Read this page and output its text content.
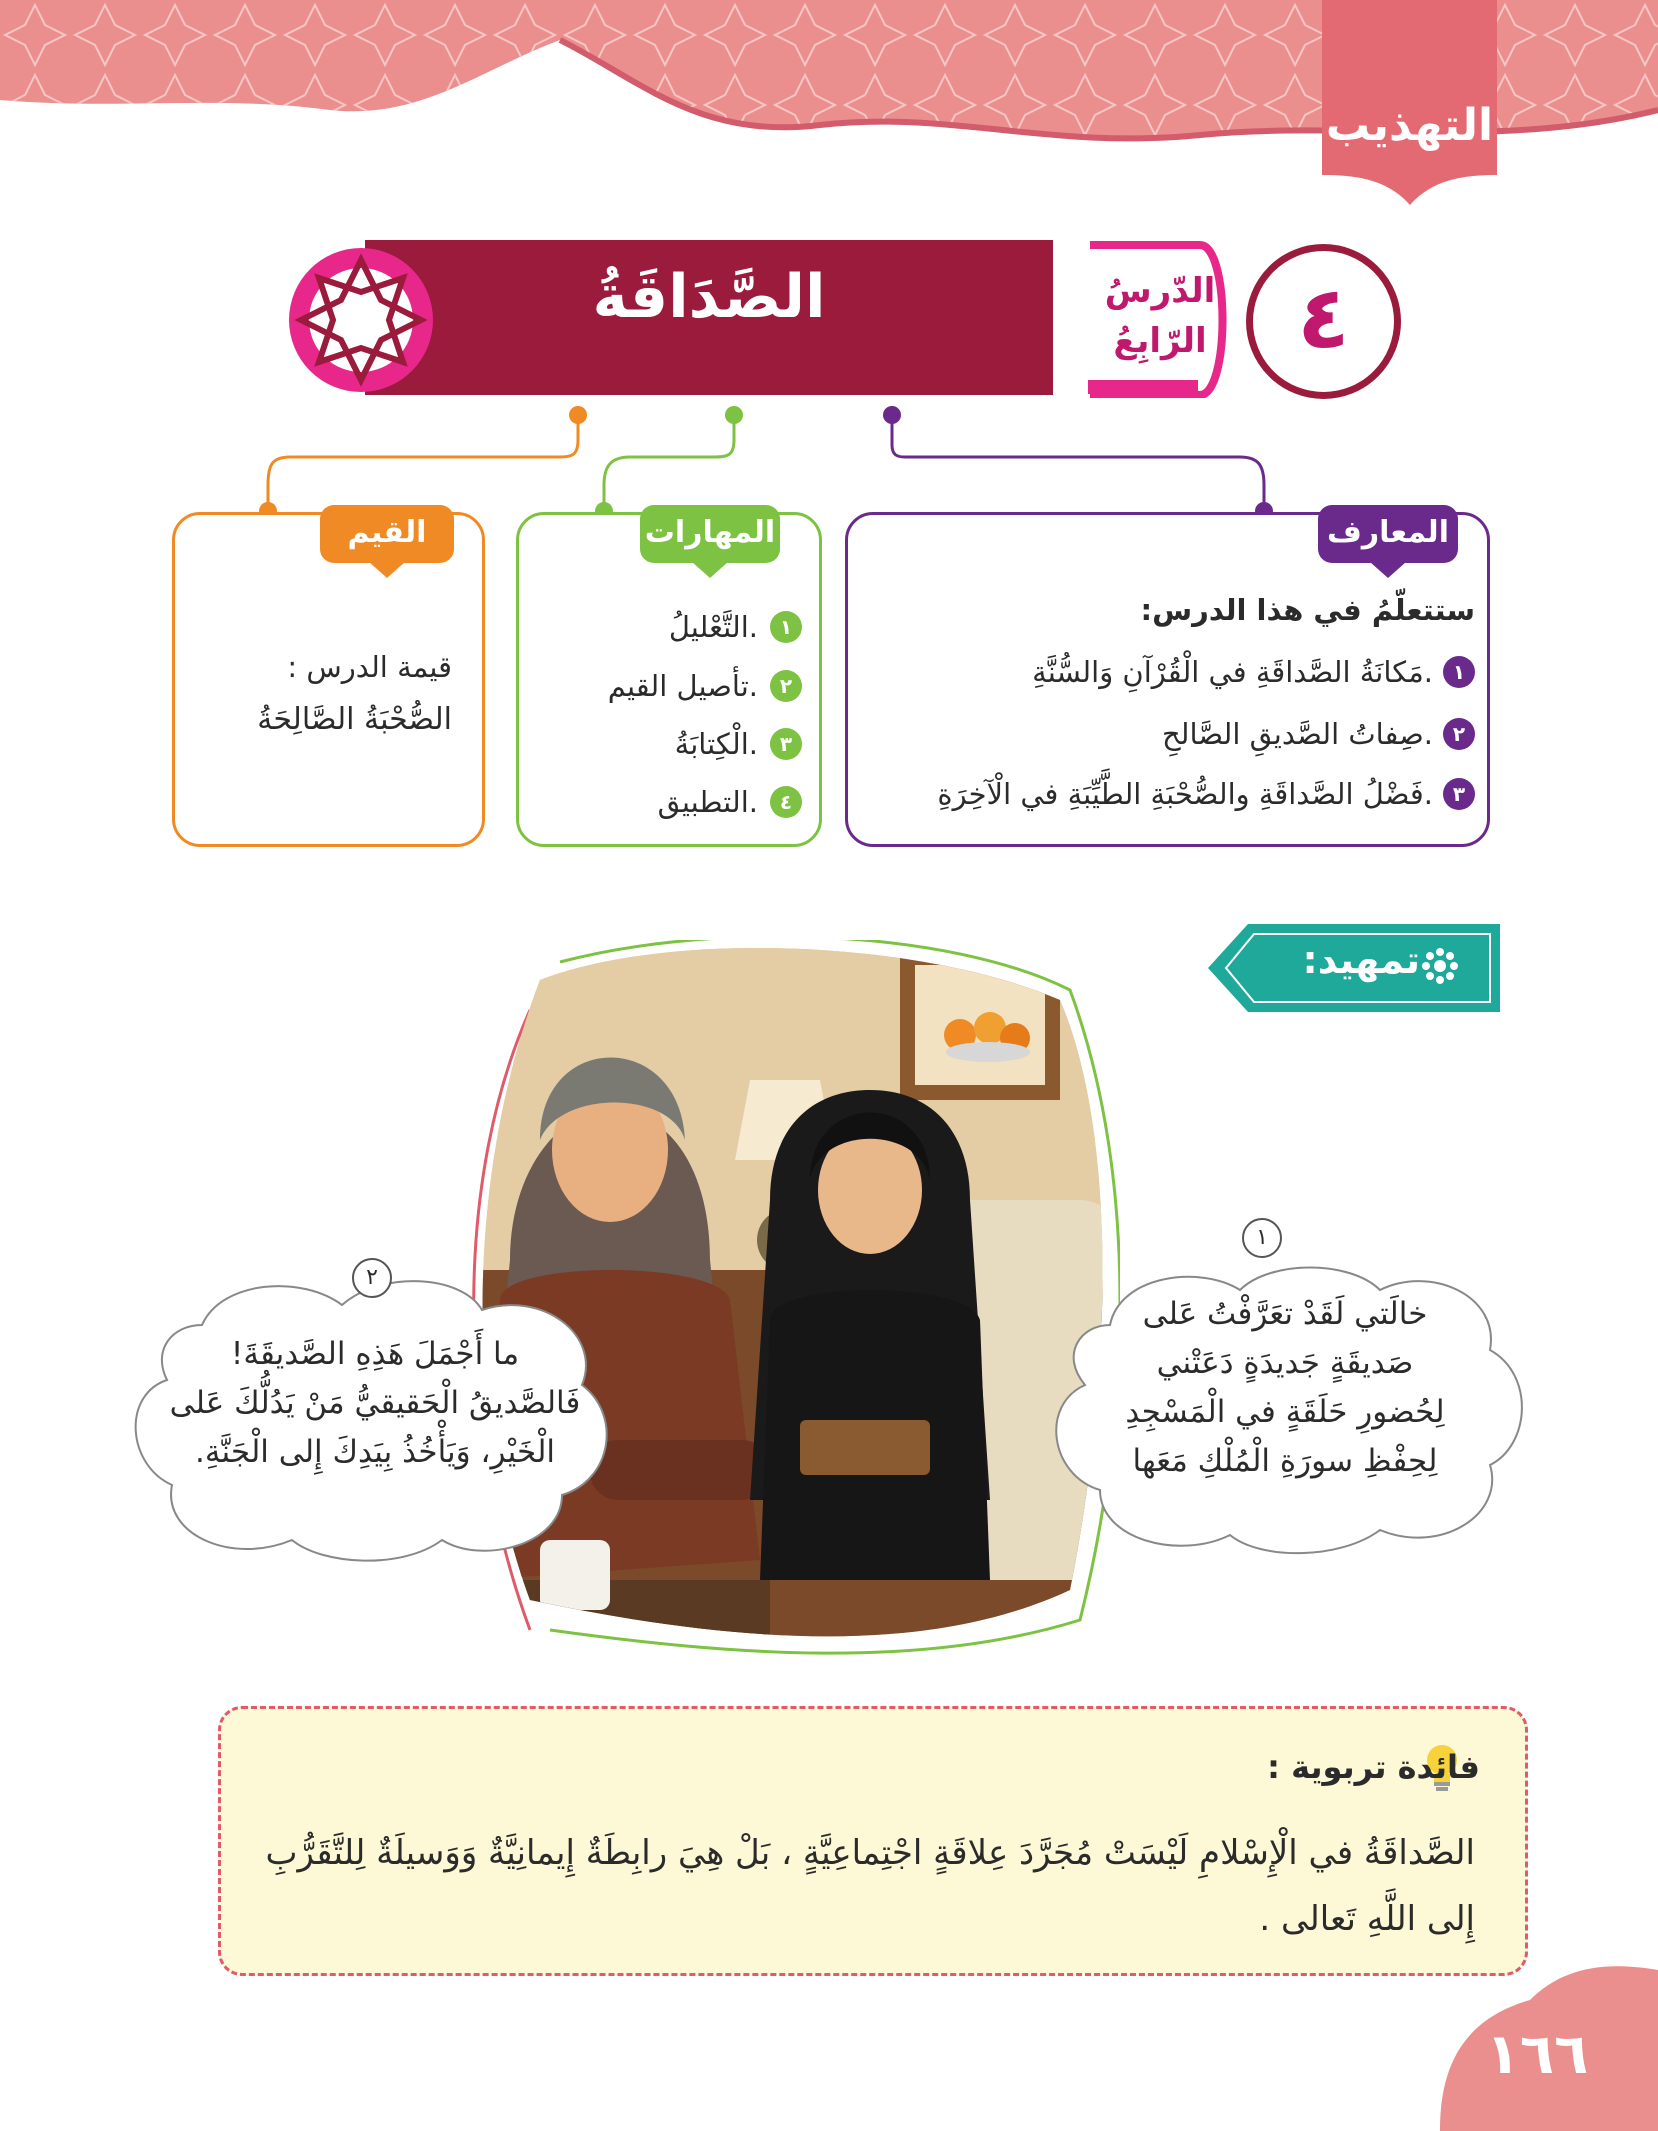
التهذيب
الصَّدَاقَةُ	الدّرسُ
الرّابِعُ	٤
المعارف
ستتعلّمُ في هذا الدرس:
١
مَكانَةُ الصَّداقَةِ في الْقُرْآنِ وَالسُّنَّةِ.
٢
صِفاتُ الصَّديقِ الصَّالحِ.
٣
فَضْلُ الصَّداقَةِ والصُّحْبَةِ الطَّيِّبَةِ في الْآخِرَةِ.
المهارات
١
التَّعْليلُ.
٢
تأصيل القيم.
٣
الْكِتابَةُ.
٤
التطبيق.
القيم
قيمة الدرس :
الصُّحْبَةُ الصَّالِحَةُ
تمهيد:
١
خالَتي لَقَدْ تعَرَّفْتُ عَلى
صَديقَةٍ جَديدَةٍ دَعَتْني
لِحُضورِ حَلَقَةٍ في الْمَسْجِدِ
لِحِفْظِ سورَةِ الْمُلْكِ مَعَها
٢
ما أَجْمَلَ هَذِهِ الصَّديقَةَ!
فَالصَّديقُ الْحَقيقيُّ مَنْ يَدُلُّكَ عَلى
الْخَيْرِ، وَيَأْخُذُ بِيَدِكَ إِلى الْجَنَّةِ.
فائدة تربوية :
الصَّداقَةُ في الْإِسْلامِ لَيْسَتْ مُجَرَّدَ عِلاقَةٍ اجْتِماعِيَّةٍ ، بَلْ هِيَ رابِطَةٌ إِيمانِيَّةٌ وَوَسيلَةٌ لِلتَّقَرُّبِ إِلى اللَّهِ تَعالى .
١٦٦
